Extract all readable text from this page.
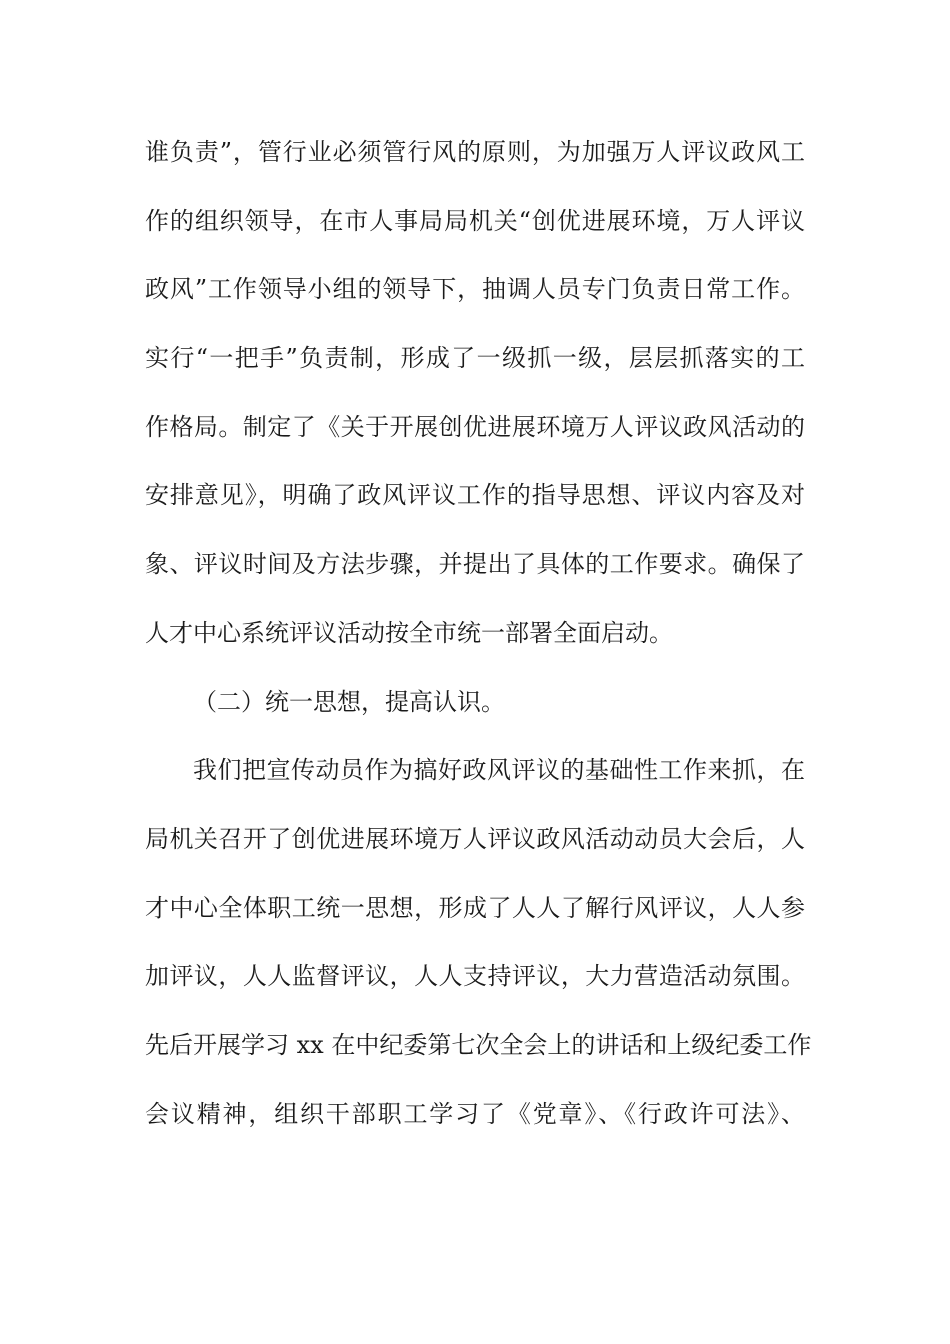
谁负责”，管行业必须管行风的原则，为加强万人评议政风工
作的组织领导，在市人事局局机关“创优进展环境，万人评议
政风”工作领导小组的领导下，抽调人员专门负责日常工作。
实行“一把手”负责制，形成了一级抓一级，层层抓落实的工
作格局。制定了《关于开展创优进展环境万人评议政风活动的
安排意见》，明确了政风评议工作的指导思想、评议内容及对
象、评议时间及方法步骤，并提出了具体的工作要求。确保了
人才中心系统评议活动按全市统一部署全面启动。
（二）统一思想，提高认识。
我们把宣传动员作为搞好政风评议的基础性工作来抓，在
局机关召开了创优进展环境万人评议政风活动动员大会后，人
才中心全体职工统一思想，形成了人人了解行风评议，人人参
加评议，人人监督评议，人人支持评议，大力营造活动氛围。
先后开展学习 xx 在中纪委第七次全会上的讲话和上级纪委工作
会议精神，组织干部职工学习了《党章》、《行政许可法》、
